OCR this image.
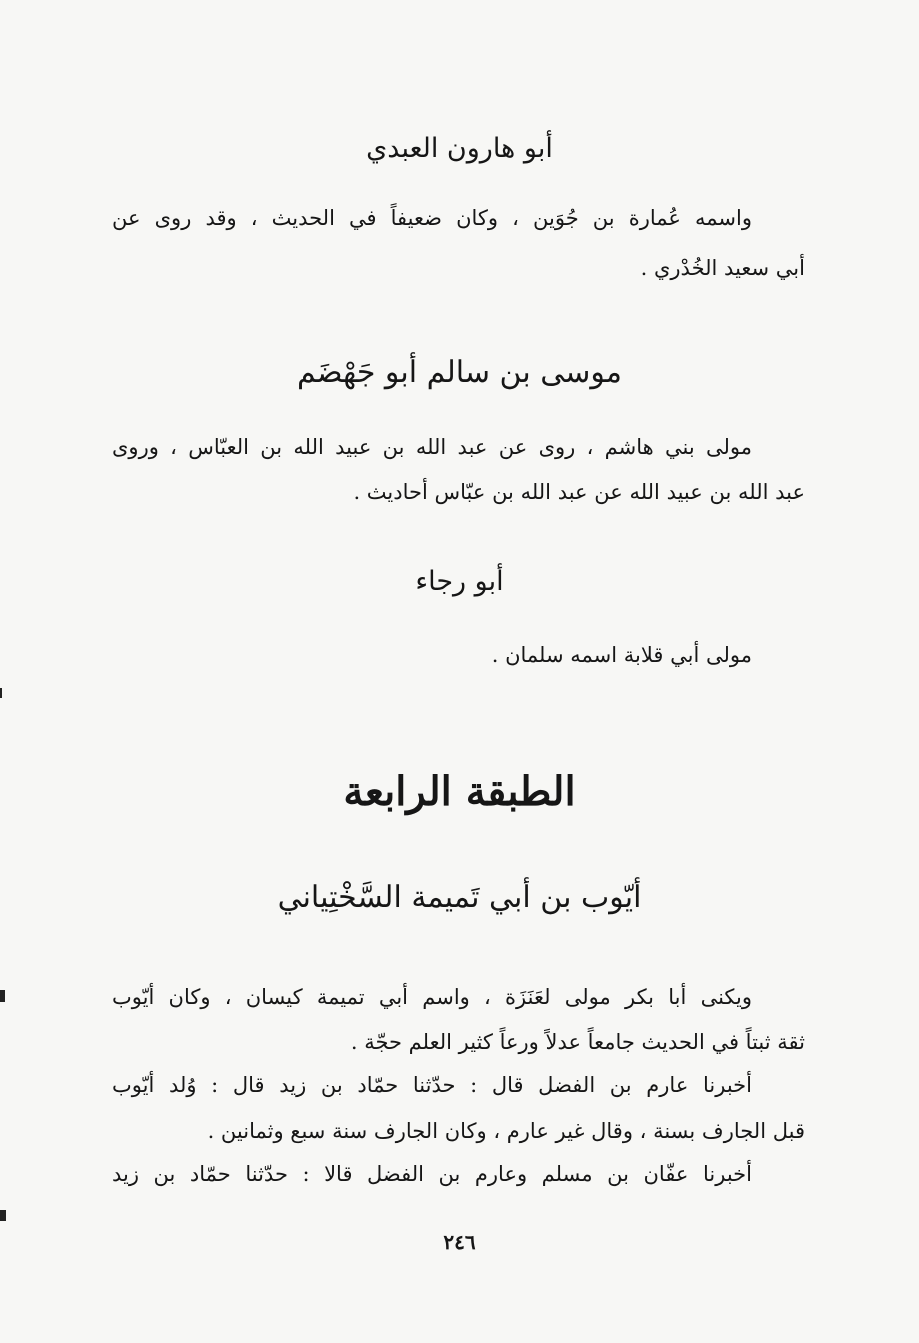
أبو هارون العبدي
واسمه عُمارة بن جُوَين ، وكان ضعيفاً في الحديث ، وقد روى عن
أبي سعيد الخُدْري .
موسى بن سالم أبو جَهْضَم
مولى بني هاشم ، روى عن عبد الله بن عبيد الله بن العبّاس ، وروى
عبد الله بن عبيد الله عن عبد الله بن عبّاس أحاديث .
أبو رجاء
مولى أبي قلابة اسمه سلمان .
الطبقة الرابعة
أيّوب بن أبي تَميمة السَّخْتِياني
ويكنى أبا بكر مولى لعَنَزَة ، واسم أبي تميمة كيسان ، وكان أيّوب
ثقة ثبتاً في الحديث جامعاً عدلاً ورعاً كثير العلم حجّة .
أخبرنا عارم بن الفضل قال : حدّثنا حمّاد بن زيد قال : وُلد أيّوب
قبل الجارف بسنة ، وقال غير عارم ، وكان الجارف سنة سبع وثمانين .
أخبرنا عفّان بن مسلم وعارم بن الفضل قالا : حدّثنا حمّاد بن زيد
٢٤٦
